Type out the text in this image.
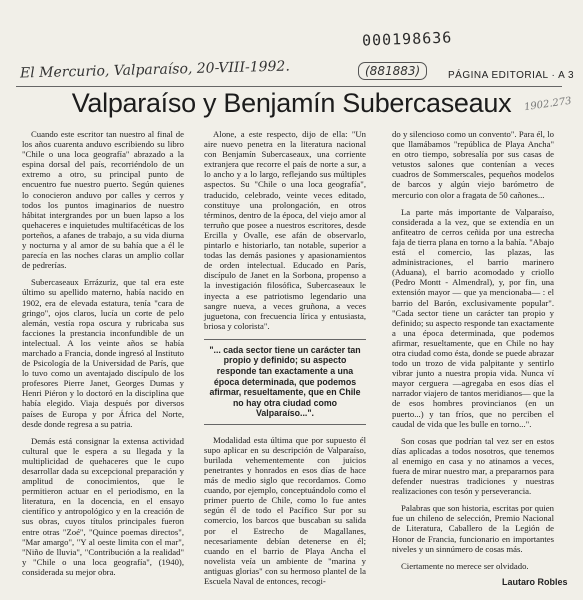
000198636
El Mercurio, Valparaíso, 20-VIII-1992.	(881883)	PÁGINA EDITORIAL · A 3
1902.273
Valparaíso y Benjamín Subercaseaux

Cuando este escritor tan nuestro al final de los años cuarenta anduvo escribiendo su libro "Chile o una loca geografía" abrazado a la espina dorsal del país, recorriéndolo de un extremo a otro, su principal punto de encuentro fue nuestro puerto. Según quienes lo conocieron anduvo por calles y cerros y todos los puntos imaginarios de nuestro hábitat intergrandes por un buen lapso a los quehaceres e inquietudes multifacéticas de los porteños, a afanes de trabajo, a su vida diurna y nocturna y al amor de su bahía que a él le parecía en las noches claras un amplio collar de pedrerías.

Subercaseaux Errázuriz, que tal era este último su apellido materno, había nacido en 1902, era de elevada estatura, tenía "cara de gringo", ojos claros, lucía un corte de pelo alemán, vestía ropa oscura y rubricaba sus facciones la prestancia inconfundible de un intelectual. A los veinte años se había marchado a Francia, donde ingresó al Instituto de Psicología de la Universidad de París, que lo tuvo como un aventajado discípulo de los profesores Pierre Janet, Georges Dumas y Henri Piéron y lo doctoró en la disciplina que había elegido. Viaja después por diversos países de Europa y por África del Norte, desde donde regresa a su patria.

Demás está consignar la extensa actividad cultural que le espera a su llegada y la multiplicidad de quehaceres que le cupo desarrollar dada su excepcional preparación y amplitud de conocimientos, que le permitieron actuar en el periodismo, en la literatura, en la docencia, en el ensayo científico y antropológico y en la creación de sus obras, cuyos títulos principales fueron entre otras "Zoé", "Quince poemas directos", "Mar amargo", "Y al oeste limita con el mar", "Niño de lluvia", "Contribución a la realidad" y "Chile o una loca geografía", (1940), considerada su mejor obra.

Alone, a este respecto, dijo de ella: "Un aire nuevo penetra en la literatura nacional con Benjamín Subercaseaux, una corriente extranjera que recorre el país de norte a sur, a lo ancho y a lo largo, reflejando sus múltiples aspectos. Su "Chile o una loca geografía", traducido, celebrado, veinte veces editado, constituye una prolongación, en otros términos, dentro de la época, del viejo amor al terruño que posee a nuestros escritores, desde Ercilla y Ovalle, ese afán de observarlo, pintarlo e historiarlo, tan notable, superior a todas las demás pasiones y apasionamientos de orden intelectual. Educado en París, discípulo de Janet en la Sorbona, propenso a la investigación filosófica, Subercaseaux le inyecta a ese patriotismo legendario una sangre nueva, a veces gruñona, a veces juguetona, con frecuencia lírica y entusiasta, briosa y colorista".

"... cada sector tiene un carácter tan propio y definido; su aspecto responde tan exactamente a una época determinada, que podemos afirmar, resueltamente, que en Chile no hay otra ciudad como Valparaíso...".

Modalidad esta última que por supuesto él supo aplicar en su descripción de Valparaíso, burilada vehementemente con juicios penetrantes y honrados en esos días de hace más de medio siglo que recordamos. Como cuando, por ejemplo, conceptuándolo como el primer puerto de Chile, como lo fue antes según él de todo el Pacífico Sur por su comercio, los barcos que buscaban su salida por el Estrecho de Magallanes, necesariamente debían detenerse en él; cuando en el barrio de Playa Ancha el novelista veía un ambiente de "marina y antiguas glorias" con su hermoso plantel de la Escuela Naval de entonces, recogi-

do y silencioso como un convento". Para él, lo que llamábamos "república de Playa Ancha" en otro tiempo, sobresalía por sus casas de vetustos salones que contenían a veces cuadros de Sommerscales, pequeños modelos de barcos y algún viejo barómetro de mercurio con olor a fragata de 50 cañones...

La parte más importante de Valparaíso, considerada a la vez, que se extendía en un anfiteatro de cerros ceñida por una estrecha faja de tierra plana en torno a la bahía. "Abajo está el comercio, las plazas, las administraciones, el barrio marinero (Aduana), el barrio acomodado y criollo (Pedro Montt - Almendral), y, por fin, una extensión mayor — que ya mencionaba— : el barrio del Barón, exclusivamente popular". "Cada sector tiene un carácter tan propio y definido; su aspecto responde tan exactamente a una época determinada, que podemos afirmar, resueltamente, que en Chile no hay otra ciudad como ésta, donde se puede abrazar todo un trozo de vida palpitante y sentirlo vibrar junto a nuestra propia vida. Nunca ví mayor cerguera —agregaba en esos días el narrador viajero de tantos meridianos— que la de esos hombres provincianos (en un puerto...) y tan fríos, que no perciben el caudal de vida que les bulle en torno...".

Son cosas que podrían tal vez ser en estos días aplicadas a todos nosotros, que tenemos al enemigo en casa y no atinamos a veces, fuera de mirar nuestro mar, a prepararnos para defender nuestras tradiciones y nuestras realizaciones con tesón y perseverancia.

Palabras que son historia, escritas por quien fue un chileno de selección, Premio Nacional de Literatura, Caballero de la Legión de Honor de Francia, funcionario en importantes niveles y un sinnúmero de cosas más.

Ciertamente no merece ser olvidado.

Lautaro Robles
